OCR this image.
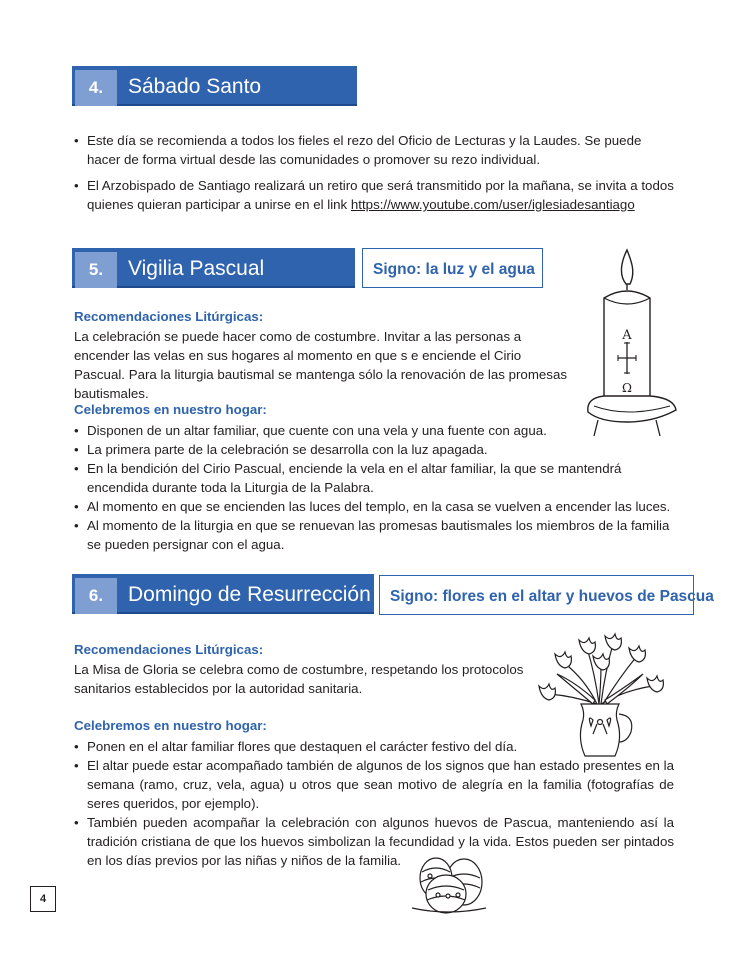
4.	Sábado Santo
• Este día se recomienda a todos los fieles el rezo del Oficio de Lecturas y la Laudes. Se puede hacer de forma virtual desde las comunidades o promover su rezo individual.
• El Arzobispado de Santiago realizará un retiro que será transmitido por la mañana, se invita a todos quienes quieran participar a unirse en el link https://www.youtube.com/user/iglesiadesantiago
5.	Vigilia Pascual	Signo: la luz y el agua
A
Ω
Recomendaciones Litúrgicas:
La celebración se puede hacer como de costumbre. Invitar a las personas a encender las velas en sus hogares al momento en que s e enciende el Cirio Pascual. Para la liturgia bautismal se mantenga sólo la renovación de las promesas bautismales.
Celebremos en nuestro hogar:
• Disponen de un altar familiar, que cuente con una vela y una fuente con agua.
• La primera parte de la celebración se desarrolla con la luz apagada.
• En la bendición del Cirio Pascual, enciende la vela en el altar familiar, la que se mantendrá encendida durante toda la Liturgia de la Palabra.
• Al momento en que se encienden las luces del templo, en la casa se vuelven a encender las luces.
• Al momento de la liturgia en que se renuevan las promesas bautismales los miembros de la familia se pueden persignar con el agua.
6.	Domingo de Resurrección	Signo: flores en el altar y huevos de Pascua
Recomendaciones Litúrgicas:
La Misa de Gloria se celebra como de costumbre, respetando los protocolos sanitarios establecidos por la autoridad sanitaria.
Celebremos en nuestro hogar:
• Ponen en el altar familiar flores que destaquen el carácter festivo del día.
• El altar puede estar acompañado también de algunos de los signos que han estado presentes en la semana (ramo, cruz, vela, agua) u otros que sean motivo de alegría en la familia (fotografías de seres queridos, por ejemplo).
• También pueden acompañar la celebración con algunos huevos de Pascua, manteniendo así la tradición cristiana de que los huevos simbolizan la fecundidad y la vida. Estos pueden ser pintados en los días previos por las niñas y niños de la familia.
4
